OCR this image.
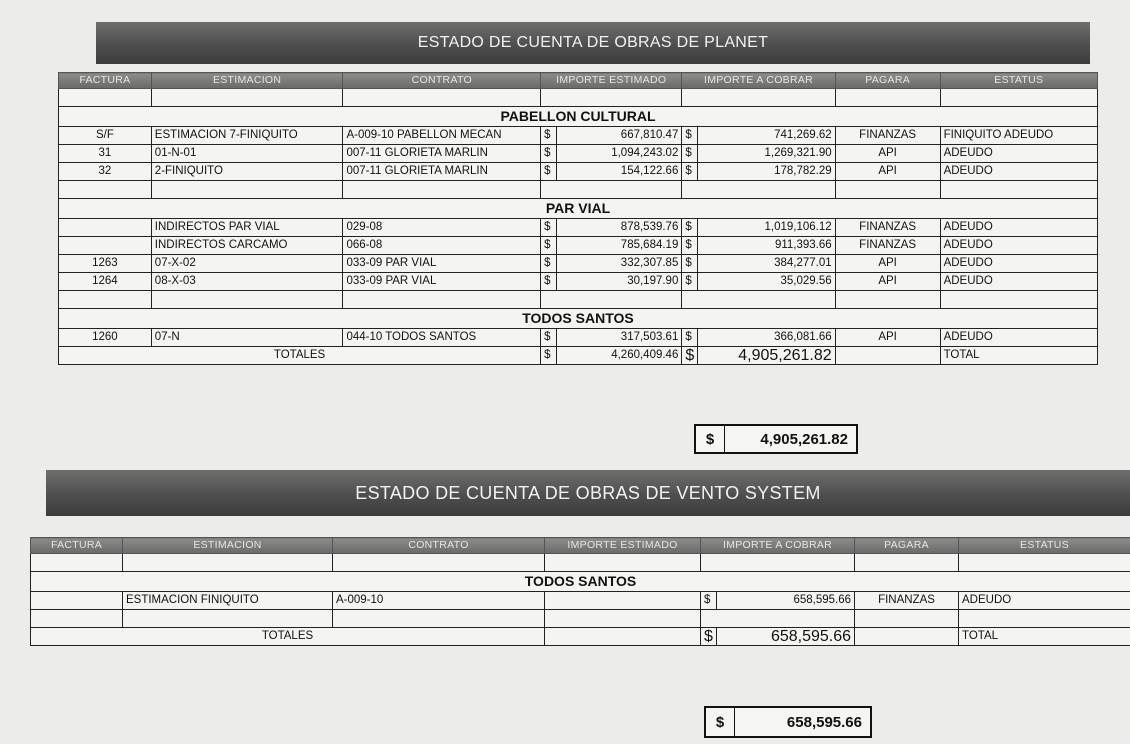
ESTADO DE CUENTA DE OBRAS DE PLANET
FACTURA	ESTIMACION	CONTRATO	IMPORTE ESTIMADO		IMPORTE A COBRAR		PAGARA	ESTATUS

PABELLON CULTURAL								
S/F	ESTIMACION 7-FINIQUITO	A-009-10 PABELLON MECAN	$	667,810.47	$	741,269.62	FINANZAS	FINIQUITO ADEUDO
31	01-N-01	007-11 GLORIETA MARLIN	$	1,094,243.02	$	1,269,321.90	API	ADEUDO
32	2-FINIQUITO	007-11 GLORIETA MARLIN	$	154,122.66	$	178,782.29	API	ADEUDO

PAR VIAL								
	INDIRECTOS PAR VIAL	029-08	$	878,539.76	$	1,019,106.12	FINANZAS	ADEUDO
	INDIRECTOS CARCAMO	066-08	$	785,684.19	$	911,393.66	FINANZAS	ADEUDO
1263	07-X-02	033-09 PAR VIAL	$	332,307.85	$	384,277.01	API	ADEUDO
1264	08-X-03	033-09 PAR VIAL	$	30,197.90	$	35,029.56	API	ADEUDO

TODOS SANTOS								
1260	07-N	044-10 TODOS SANTOS	$	317,503.61	$	366,081.66	API	ADEUDO
TOTALES			$	4,260,409.46	$	4,905,261.82		TOTAL
$	4,905,261.82
ESTADO DE CUENTA DE OBRAS DE VENTO SYSTEM
FACTURA	ESTIMACION	CONTRATO	IMPORTE ESTIMADO	IMPORTE A COBRAR		PAGARA	ESTATUS

TODOS SANTOS							
	ESTIMACION FINIQUITO	A-009-10		$	658,595.66	FINANZAS	ADEUDO

TOTALES				$	658,595.66		TOTAL
$	658,595.66
